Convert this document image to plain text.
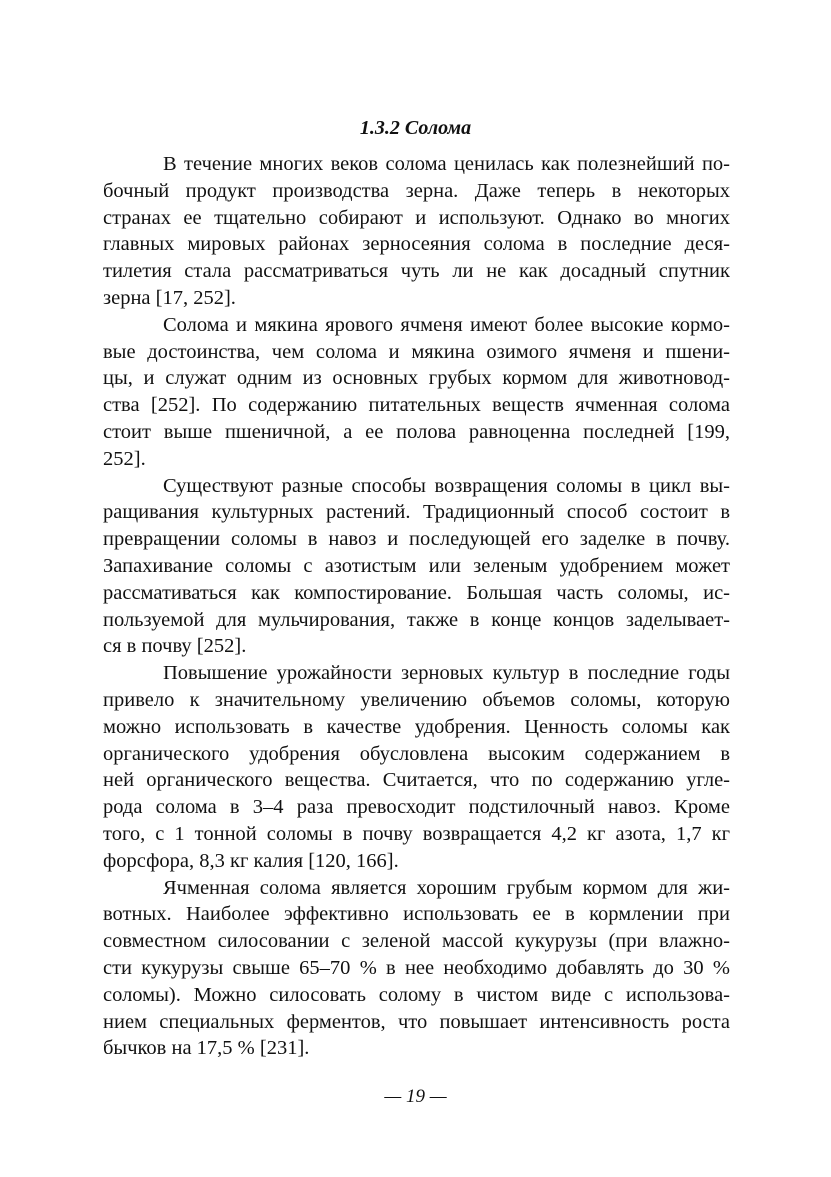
1.3.2 Солома

В течение многих веков солома ценилась как полезнейший по-
бочный продукт производства зерна. Даже теперь в некоторых
странах ее тщательно собирают и используют. Однако во многих
главных мировых районах зерносеяния солома в последние деся-
тилетия стала рассматриваться чуть ли не как досадный спутник
зерна [17, 252].

Солома и мякина ярового ячменя имеют более высокие кормо-
вые достоинства, чем солома и мякина озимого ячменя и пшени-
цы, и служат одним из основных грубых кормом для животновод-
ства [252]. По содержанию питательных веществ ячменная солома
стоит выше пшеничной, а ее полова равноценна последней [199,
252].

Существуют разные способы возвращения соломы в цикл вы-
ращивания культурных растений. Традиционный способ состоит в
превращении соломы в навоз и последующей его заделке в почву.
Запахивание соломы с азотистым или зеленым удобрением может
рассмативаться как компостирование. Большая часть соломы, ис-
пользуемой для мульчирования, также в конце концов заделывает-
ся в почву [252].

Повышение урожайности зерновых культур в последние годы
привело к значительному увеличению объемов соломы, которую
можно использовать в качестве удобрения. Ценность соломы как
органического удобрения обусловлена высоким содержанием в
ней органического вещества. Считается, что по содержанию угле-
рода солома в 3–4 раза превосходит подстилочный навоз. Кроме
того, с 1 тонной соломы в почву возвращается 4,2 кг азота, 1,7 кг
форсфора, 8,3 кг калия [120, 166].

Ячменная солома является хорошим грубым кормом для жи-
вотных. Наиболее эффективно использовать ее в кормлении при
совместном силосовании с зеленой массой кукурузы (при влажно-
сти кукурузы свыше 65–70 % в нее необходимо добавлять до 30 %
соломы). Можно силосовать солому в чистом виде с использова-
нием специальных ферментов, что повышает интенсивность роста
бычков на 17,5 % [231].

— 19 —
